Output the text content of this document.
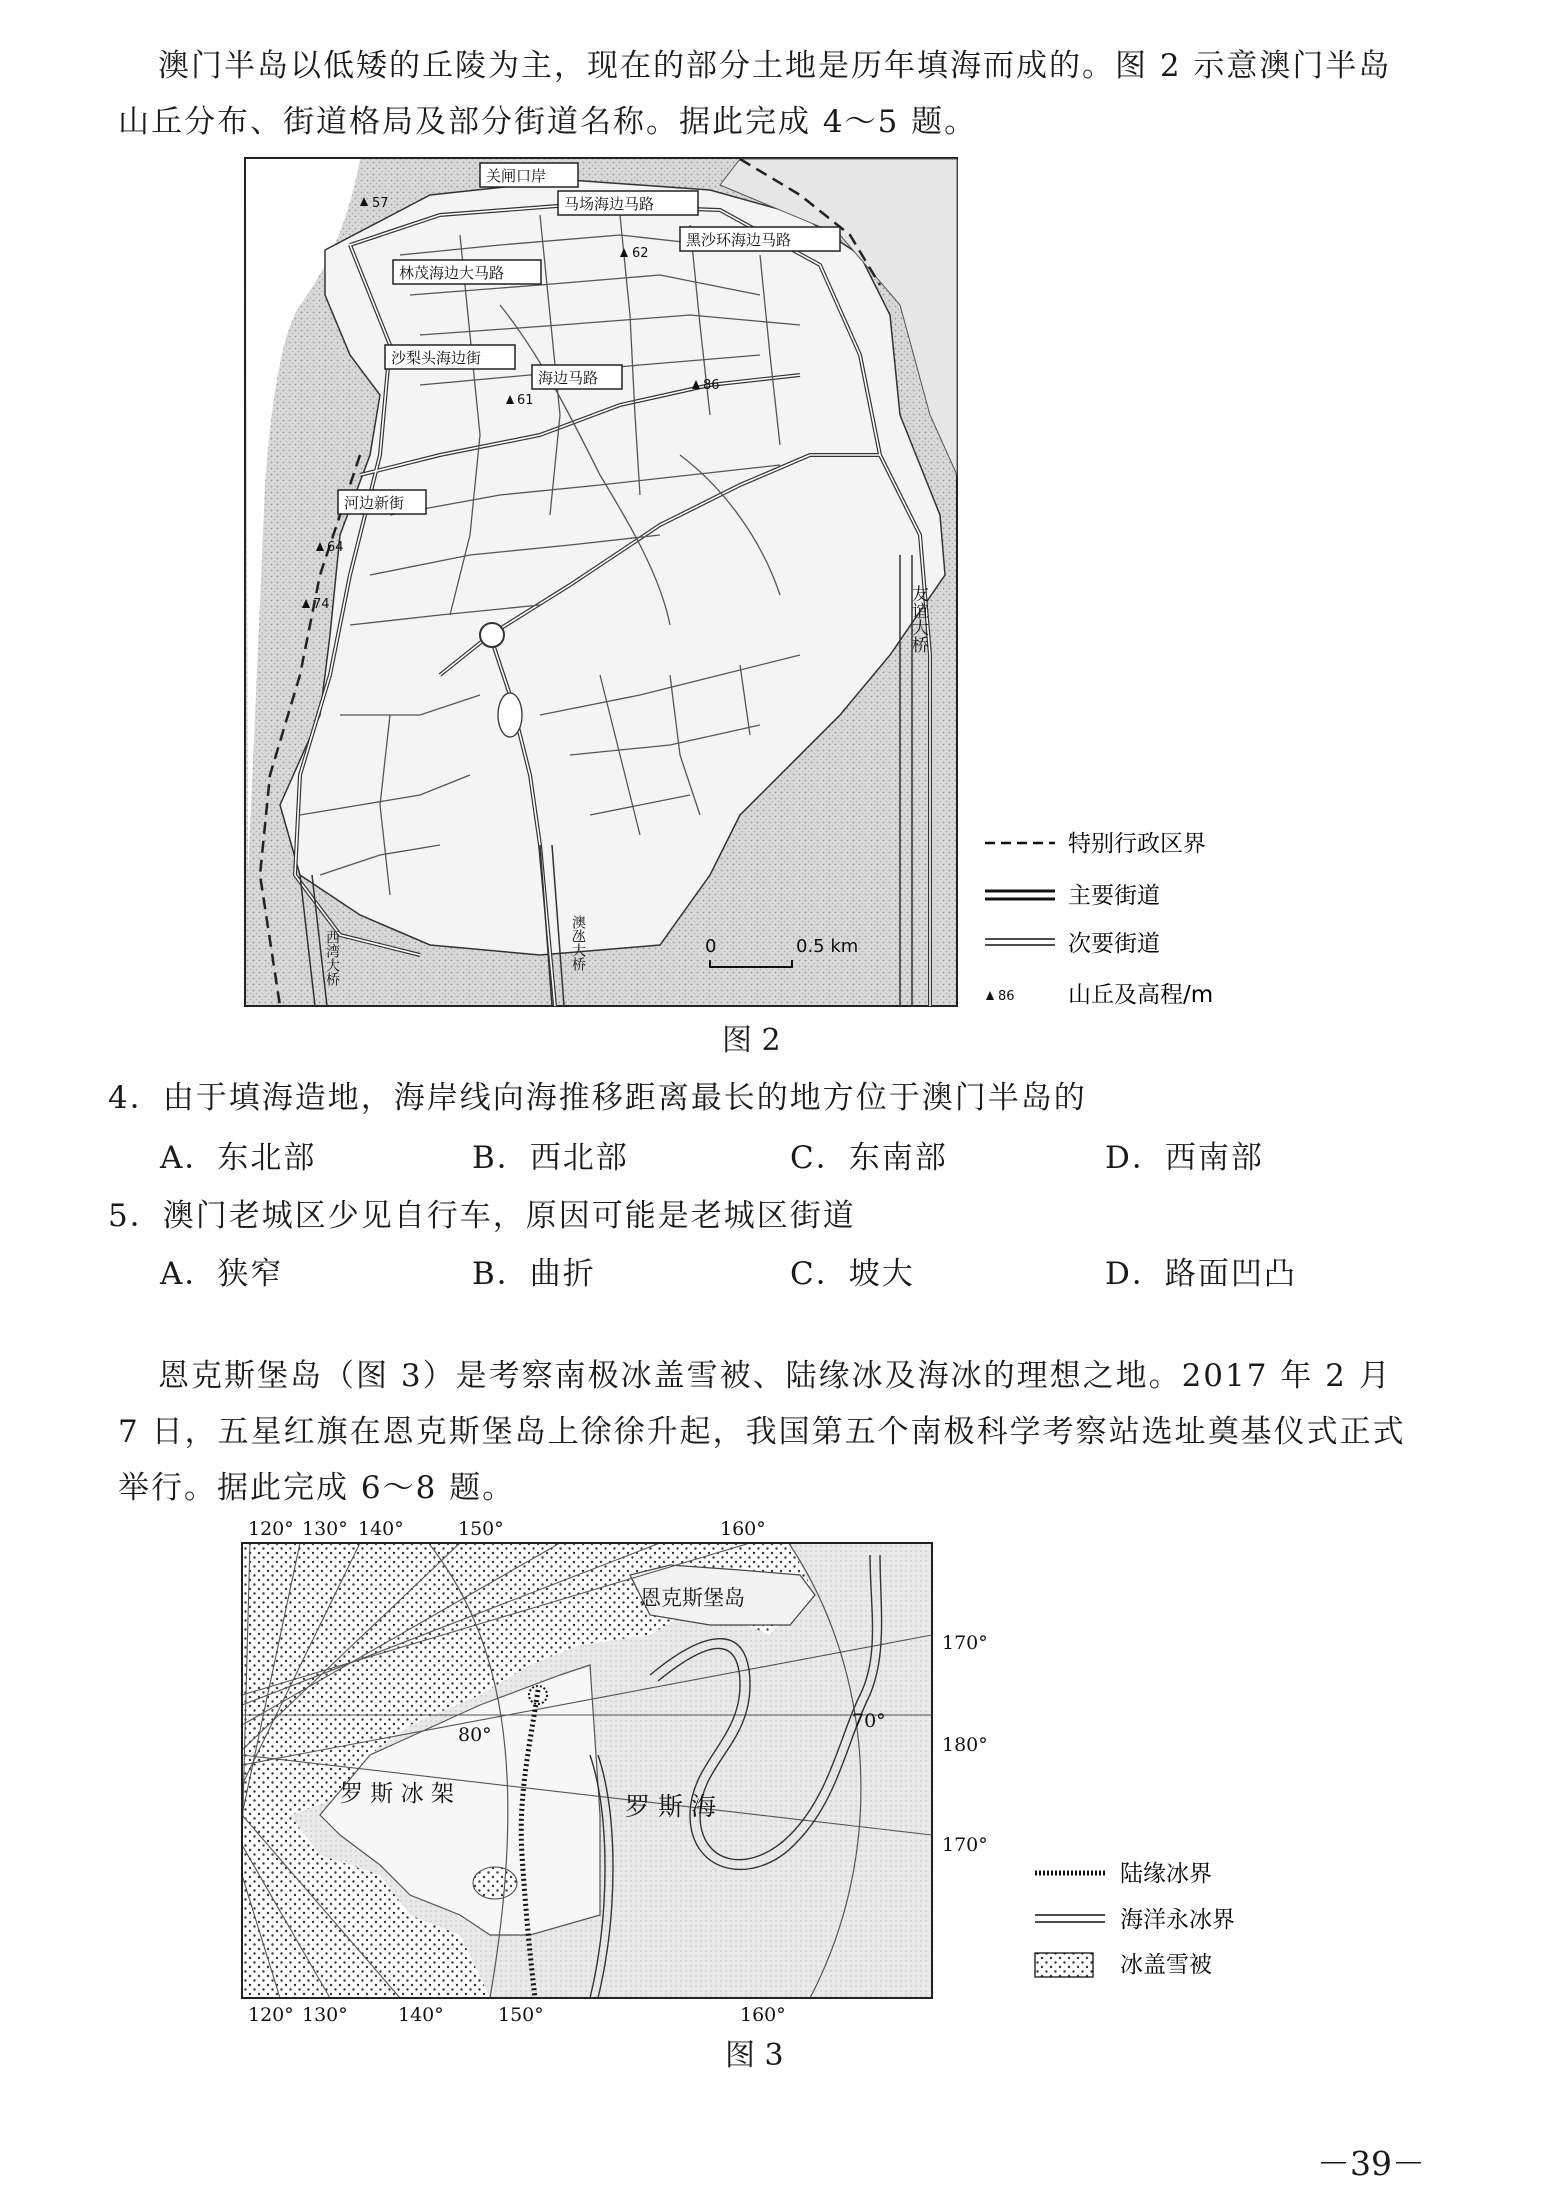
澳门半岛以低矮的丘陵为主，现在的部分土地是历年填海而成的。图 2 示意澳门半岛山丘分布、街道格局及部分街道名称。据此完成 4～5 题。

关闸口岸
马场海边马路
黑沙环海边马路
林茂海边大马路
沙梨头海边街
海边马路
河边新街
友谊大桥
澳氹大桥
西湾大桥
57
62
86
61
64
74
0	0.5 km
特别行政区界
主要街道
次要街道
86 山丘及高程/m
图 2
4．由于填海造地，海岸线向海推移距离最长的地方位于澳门半岛的
A．东北部	B．西北部	C．东南部	D．西南部
5．澳门老城区少见自行车，原因可能是老城区街道
A．狭窄	B．曲折	C．坡大	D．路面凹凸

恩克斯堡岛（图 3）是考察南极冰盖雪被、陆缘冰及海冰的理想之地。2017 年 2 月 7 日，五星红旗在恩克斯堡岛上徐徐升起，我国第五个南极科学考察站选址奠基仪式正式举行。据此完成 6～8 题。

120° 130° 140°	150°	160°
恩克斯堡岛
罗 斯 冰 架	罗 斯 海
80°
70°
170°
180°
170°
120° 130°	140°	150°	160°
陆缘冰界
海洋永冰界
冰盖雪被
图 3
－39－
